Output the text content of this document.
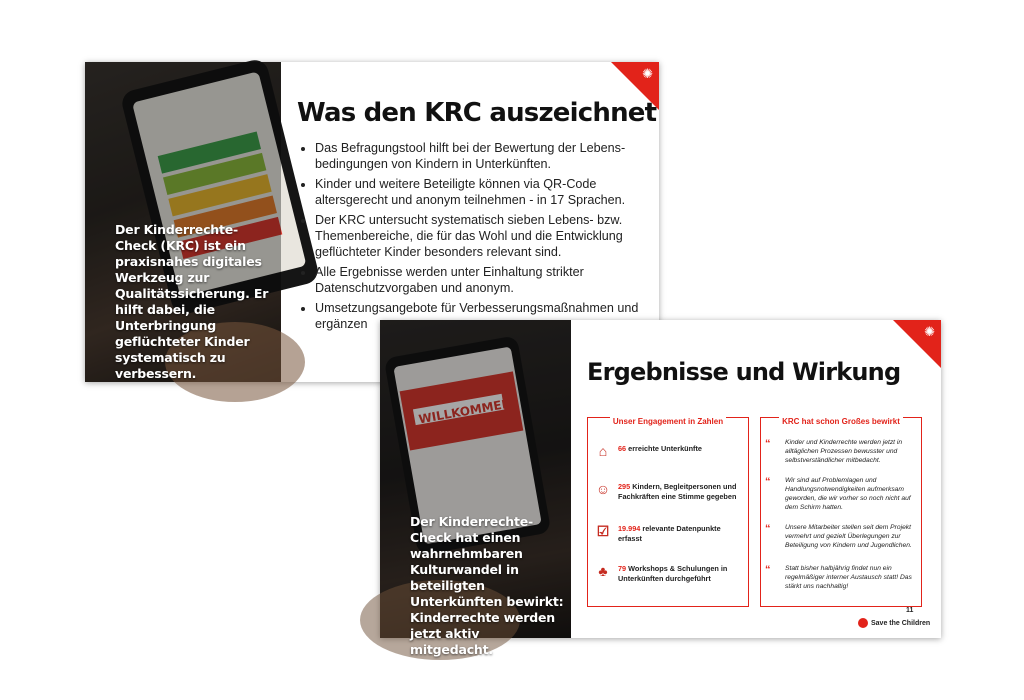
Der Kinderrechte-Check (KRC) ist ein praxisnahes digitales Werkzeug zur Qualitätssicherung. Er hilft dabei, die Unterbringung geflüchteter Kinder systematisch zu verbessern.
✺
Was den KRC auszeichnet
• Das Befragungstool hilft bei der Bewertung der Lebens-bedingungen von Kindern in Unterkünften.
• Kinder und weitere Beteiligte können via QR-Code altersgerecht und anonym teilnehmen - in 17 Sprachen.
• Der KRC untersucht systematisch sieben Lebens- bzw. Themenbereiche, die für das Wohl und die Entwicklung geflüchteter Kinder besonders relevant sind.
• Alle Ergebnisse werden unter Einhaltung strikter Datenschutzvorgaben und anonym.
• Umsetzungsangebote für Verbesserungsmaßnahmen und ergänzen
Der Kinderrechte-Check hat einen wahrnehmbaren Kulturwandel in beteiligten Unterkünften bewirkt: Kinderrechte werden jetzt aktiv mitgedacht.
✺
Ergebnisse und Wirkung
Unser Engagement in Zahlen
⌂	66 erreichte Unterkünfte
☺ 295 Kindern, Begleitpersonen und Fachkräften eine Stimme gegeben
☑	19.994 relevante Datenpunkte erfasst
♣	79 Workshops & Schulungen in Unterkünften durchgeführt
KRC hat schon Großes bewirkt
“ Kinder und Kinderrechte werden jetzt in alltäglichen Prozessen bewusster und selbstverständlicher mitbedacht.
“ Wir sind auf Problemlagen und Handlungsnotwendigkeiten aufmerksam geworden, die wir vorher so noch nicht auf dem Schirm hatten.
“ Unsere Mitarbeiter stellen seit dem Projekt vermehrt und gezielt Überlegungen zur Beteiligung von Kindern und Jugendlichen.
“ Statt bisher halbjährig findet nun ein regelmäßiger interner Austausch statt! Das stärkt uns nachhaltig!
11
Save the Children
